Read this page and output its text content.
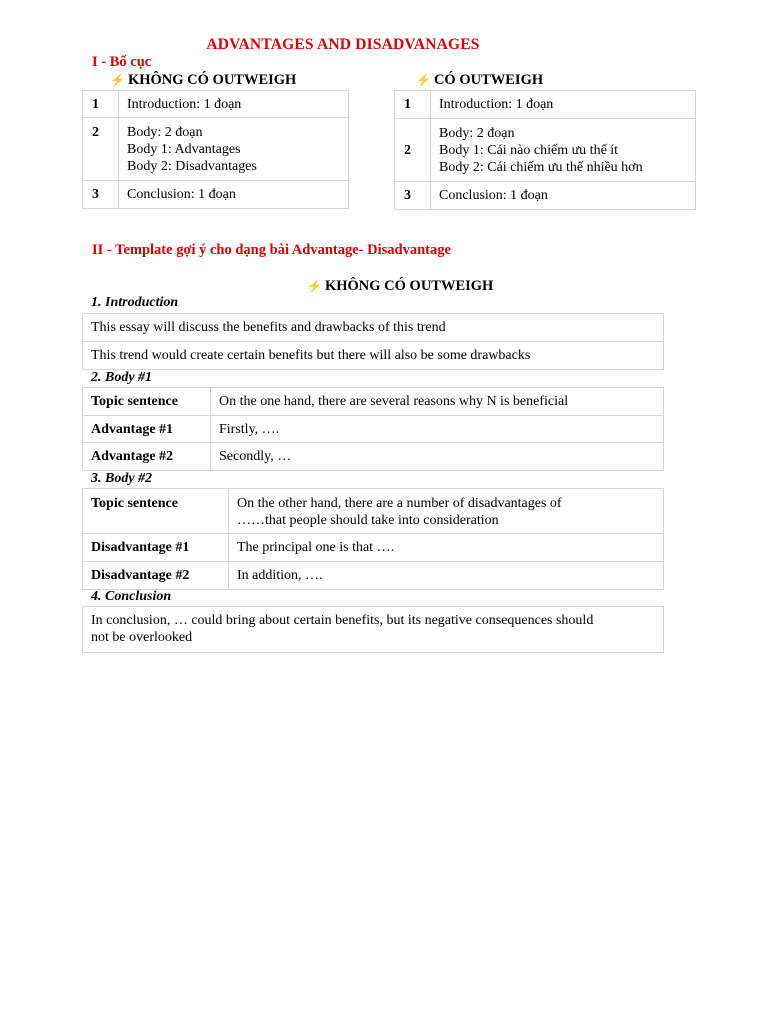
ADVANTAGES AND DISADVANAGES
I - Bố cục
⚡ KHÔNG CÓ OUTWEIGH	⚡ CÓ OUTWEIGH
1	Introduction: 1 đoạn

2	Body: 2 đoạn
Body 1: Advantages
Body 2: Disadvantages

3	Conclusion: 1 đoạn
1	Introduction: 1 đoạn

2	Body: 2 đoạn
Body 1: Cái nào chiếm ưu thế ít
Body 2: Cái chiếm ưu thế nhiều hơn

3	Conclusion: 1 đoạn
II - Template gợi ý cho dạng bài Advantage- Disadvantage
⚡ KHÔNG CÓ OUTWEIGH
1. Introduction
This essay will discuss the benefits and drawbacks of this trend
This trend would create certain benefits but there will also be some drawbacks
2. Body #1
Topic sentence	On the one hand, there are several reasons why N is beneficial
Advantage #1	Firstly, ….
Advantage #2	Secondly, …
3. Body #2
Topic sentence	On the other hand, there are a number of disadvantages of
……that people should take into consideration

Disadvantage #1	The principal one is that ….

Disadvantage #2	In addition, ….
4. Conclusion
In conclusion, … could bring about certain benefits, but its negative consequences should
not be overlooked
